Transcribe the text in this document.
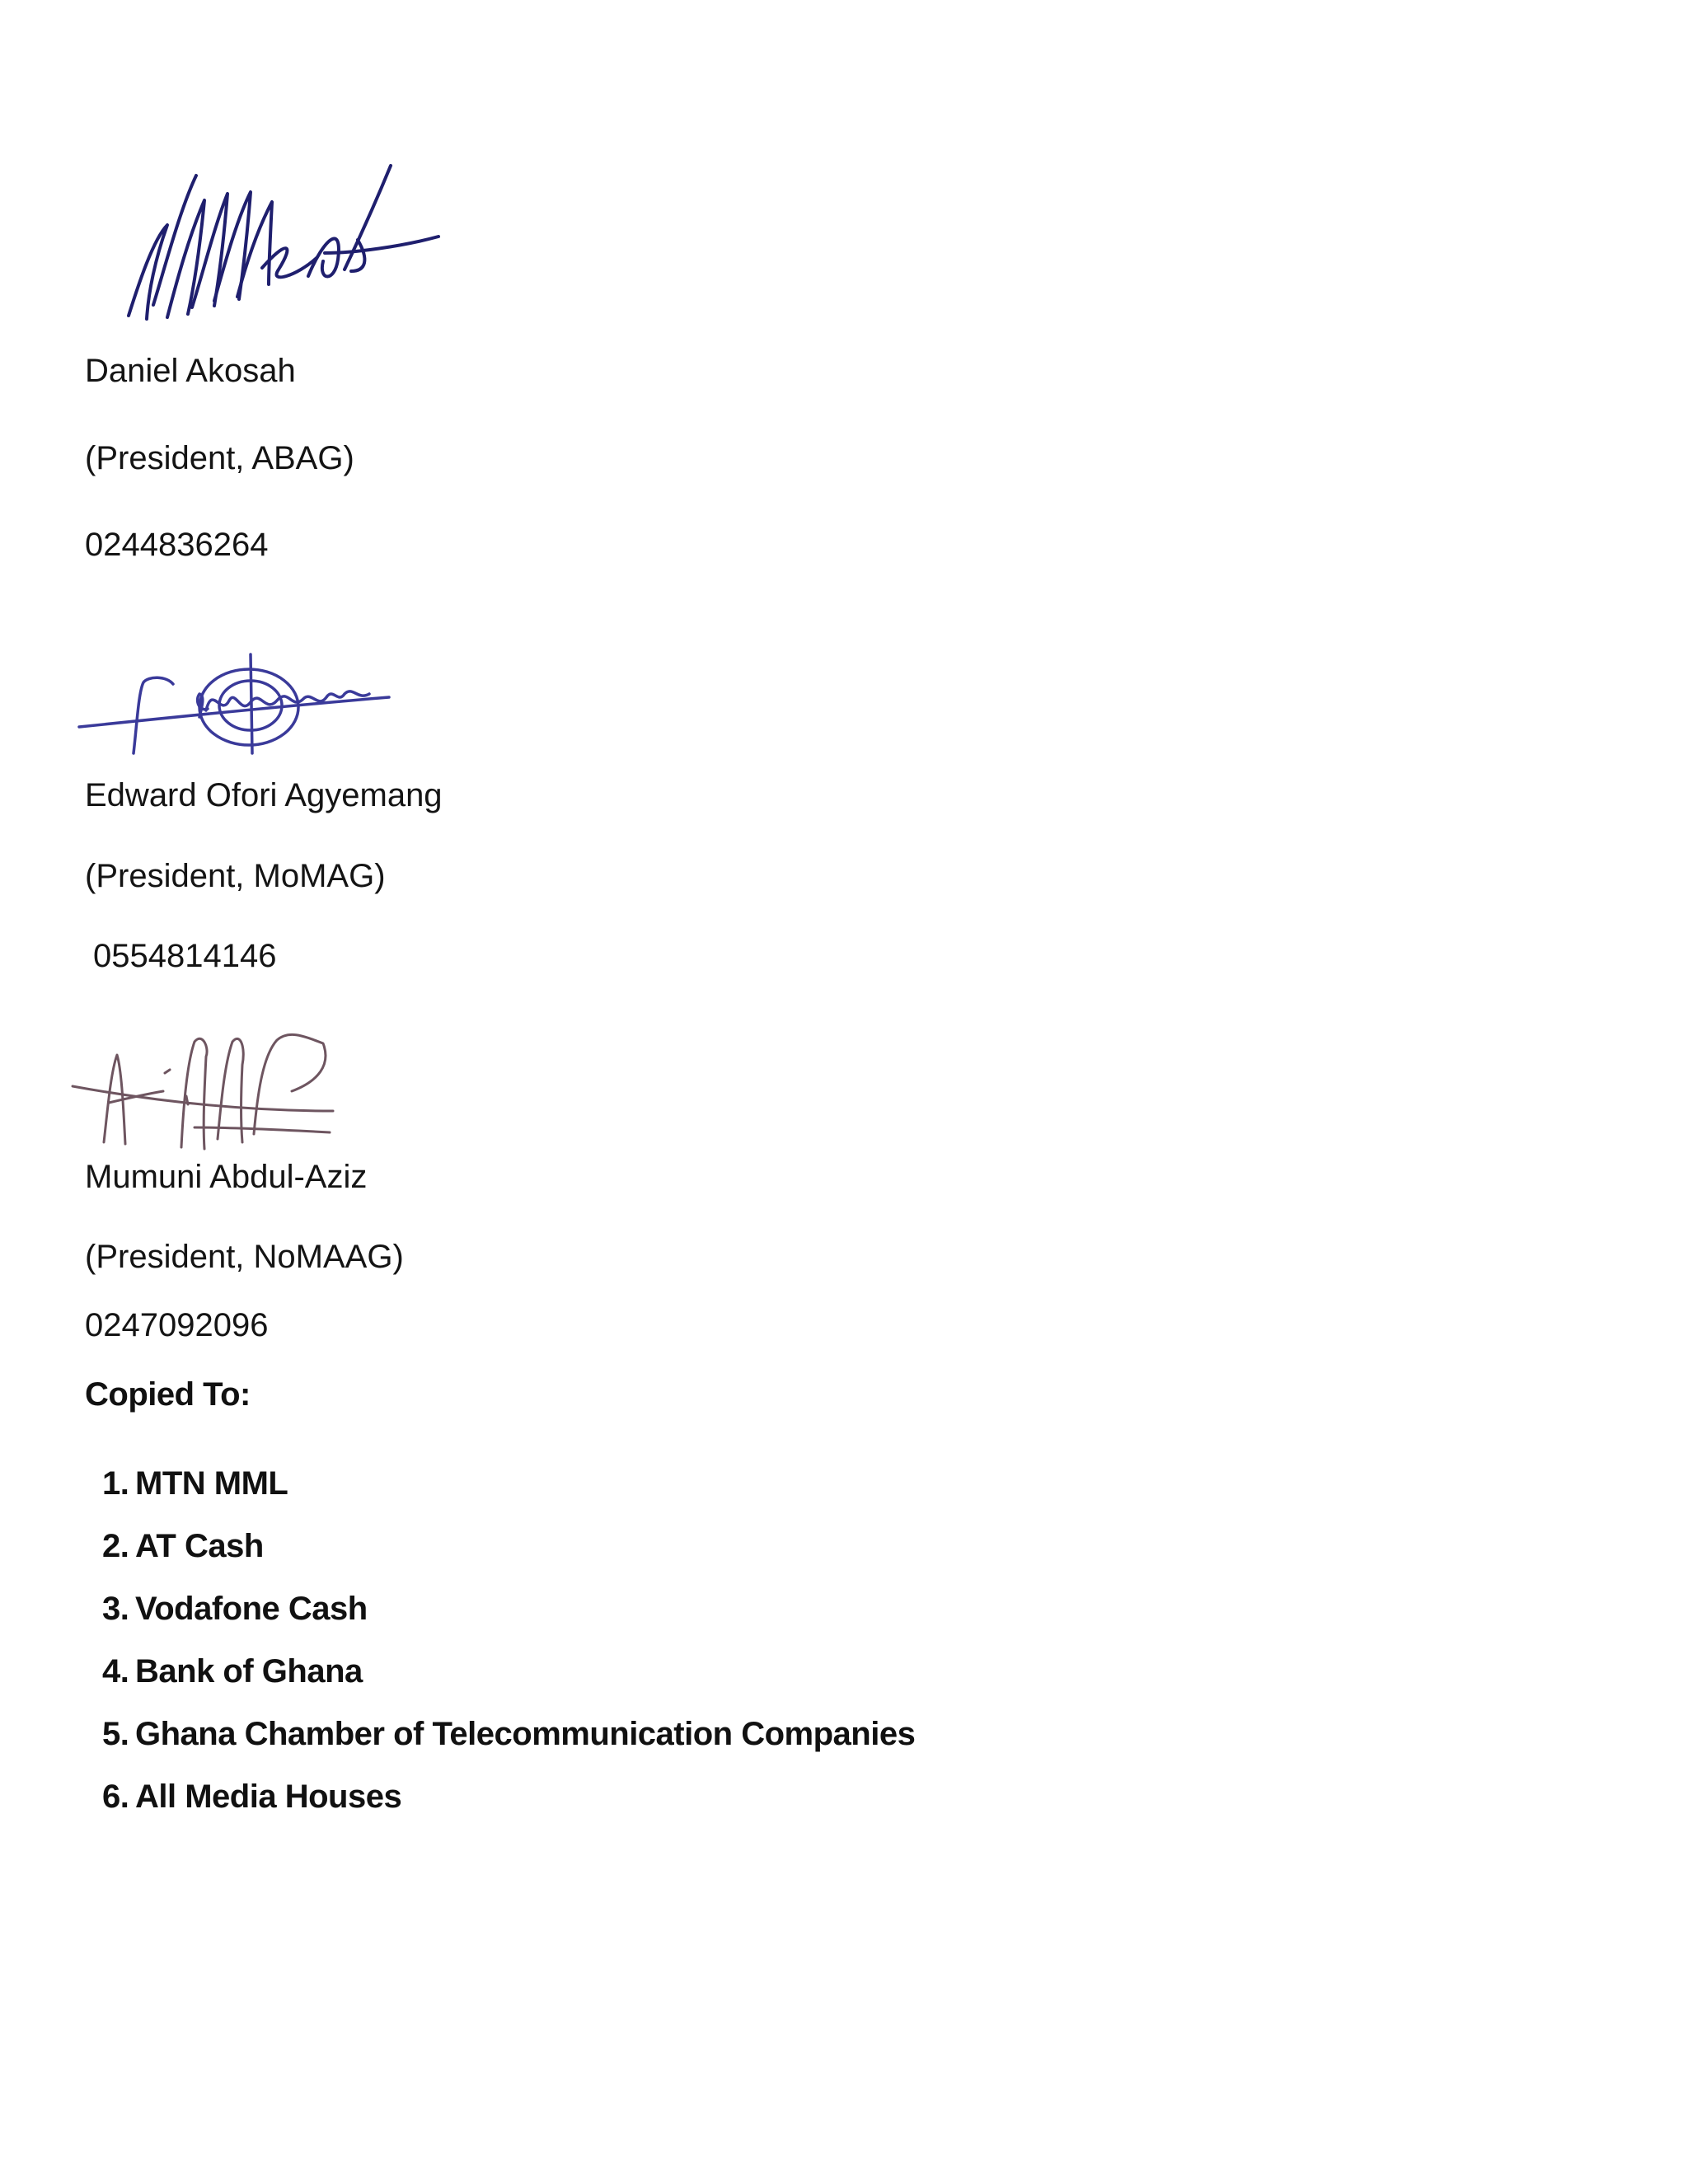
Daniel Akosah
(President, ABAG)
0244836264
Edward Ofori Agyemang
(President, MoMAG)
0554814146
Mumuni Abdul-Aziz
(President, NoMAAG)
0247092096
Copied To:
1. MTN MML
2. AT Cash
3. Vodafone Cash
4. Bank of Ghana
5. Ghana Chamber of Telecommunication Companies
6. All Media Houses
